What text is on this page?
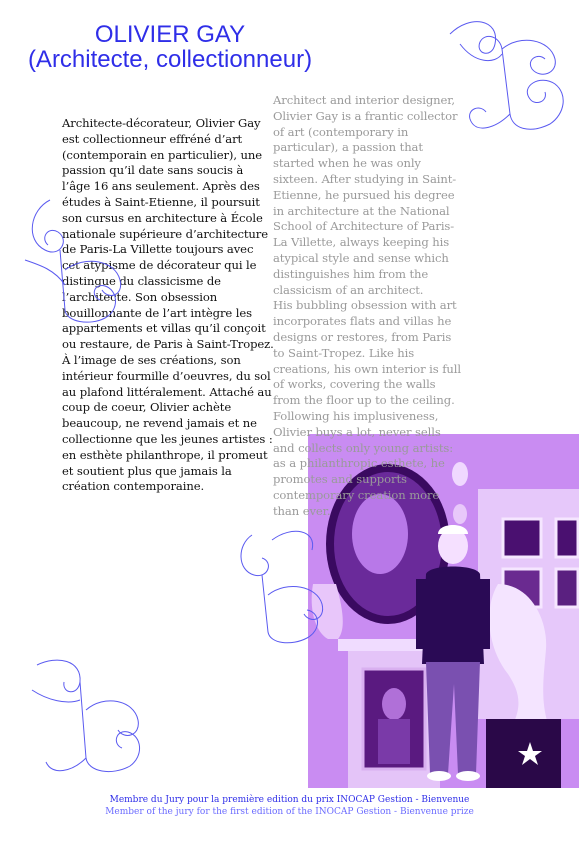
OLIVIER GAY
(Architecte, collectionneur)

Architecte-décorateur, Olivier Gay est collectionneur effréné d’art (contemporain en particulier), une passion qu’il date sans soucis à l’âge 16 ans seulement. Après des études à Saint-Etienne, il poursuit son cursus en architecture à École nationale supérieure d’architecture de Paris-La Villette toujours avec cet atypisme de décorateur qui le distingue du classicisme de l’architecte. Son obsession bouillonnante de l’art intègre les appartements et villas qu’il conçoit ou restaure, de Paris à Saint-Tropez.

À l’image de ses créations, son intérieur fourmille d’oeuvres, du sol au plafond littéralement. Attaché au coup de coeur, Olivier achète beaucoup, ne revend jamais et ne collectionne que les jeunes artistes : en esthète philanthrope, il promeut et soutient plus que jamais la création contemporaine.

Architect and interior designer, Olivier Gay is a frantic collector of art (contemporary in particular), a passion that started when he was only sixteen. After studying in Saint-Etienne, he pursued his degree in architecture at the National School of Architecture of Paris-La Villette, always keeping his atypical style and sense which distinguishes him from the classicism of an architect.

His bubbling obsession with art incorporates flats and villas he designs or restores, from Paris to Saint-Tropez. Like his creations, his own interior is full of works, covering the walls from the floor up to the ceiling. Following his implusiveness, Olivier buys a lot, never sells and collects only young artists: as a philanthropic esthete, he promotes and supports contemporary creation more than ever.

Membre du Jury pour la première edition du prix INOCAP Gestion - Bienvenue

Member of the jury for the first edition of the INOCAP Gestion - Bienvenue prize
